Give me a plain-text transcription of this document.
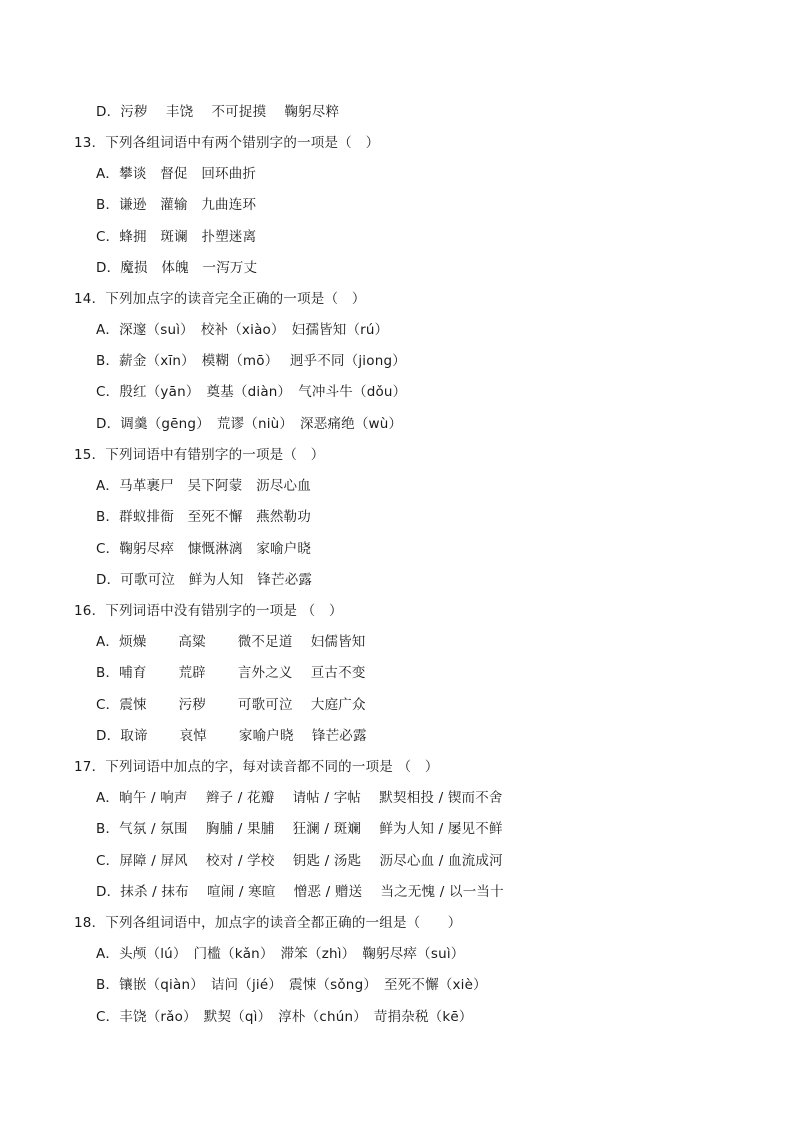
D．污秽　 丰饶　 不可捉摸　 鞠躬尽粹
13．下列各组词语中有两个错别字的一项是（　）
A．攀谈　督促　回环曲折
B．谦逊　灌输　九曲连环
C．蜂拥　斑谰　扑塑迷离
D．魔损　体魄　一泻万丈
14．下列加点字的读音完全正确的一项是（　）
A．深邃（suì）　校补（xiào）　妇孺皆知（rú）
B．薪金（xīn）　模糊（mō）　 迥乎不同（jiong）
C．殷红（yān）　奠基（diàn）　气冲斗牛（dǒu）
D．调羹（gēng）　荒谬（niù）　深恶痛绝（wù）
15．下列词语中有错别字的一项是（　）
A．马革裹尸　吴下阿蒙　沥尽心血
B．群蚁排衙　至死不懈　燕然勒功
C．鞠躬尽瘁　慷慨淋漓　家喻户晓
D．可歌可泣　鲜为人知　锋芒必露
16．下列词语中没有错别字的一项是 （　）
A．烦燥　　 高粱　　 微不足道　 妇儒皆知
B．哺育　　 荒辟　　 言外之义　 亘古不变
C．震悚　　 污秽　　 可歌可泣　 大庭广众
D．取谛　　 哀悼　　 家喻户晓　 锋芒必露
17．下列词语中加点的字，每对读音都不同的一项是 （　）
A．晌午 / 响声　 辫子 / 花瓣　 请帖 / 字帖　 默契相投 / 锲而不舍
B．气氛 / 氛围　 胸脯 / 果脯　 狂澜 / 斑斓　 鲜为人知 / 屡见不鲜
C．屏障 / 屏风　 校对 / 学校　 钥匙 / 汤匙　 沥尽心血 / 血流成河
D．抹杀 / 抹布　 喧闹 / 寒暄　 憎恶 / 赠送　 当之无愧 / 以一当十
18．下列各组词语中，加点字的读音全都正确的一组是（　　）
A．头颅（lú）　门槛（kǎn）　滞笨（zhì）　鞠躬尽瘁（suì）
B．镶嵌（qiàn）　诘问（jié）　震悚（sǒng）　至死不懈（xiè）
C．丰饶（rǎo）　默契（qì）　淳朴（chún）　苛捐杂税（kē）
